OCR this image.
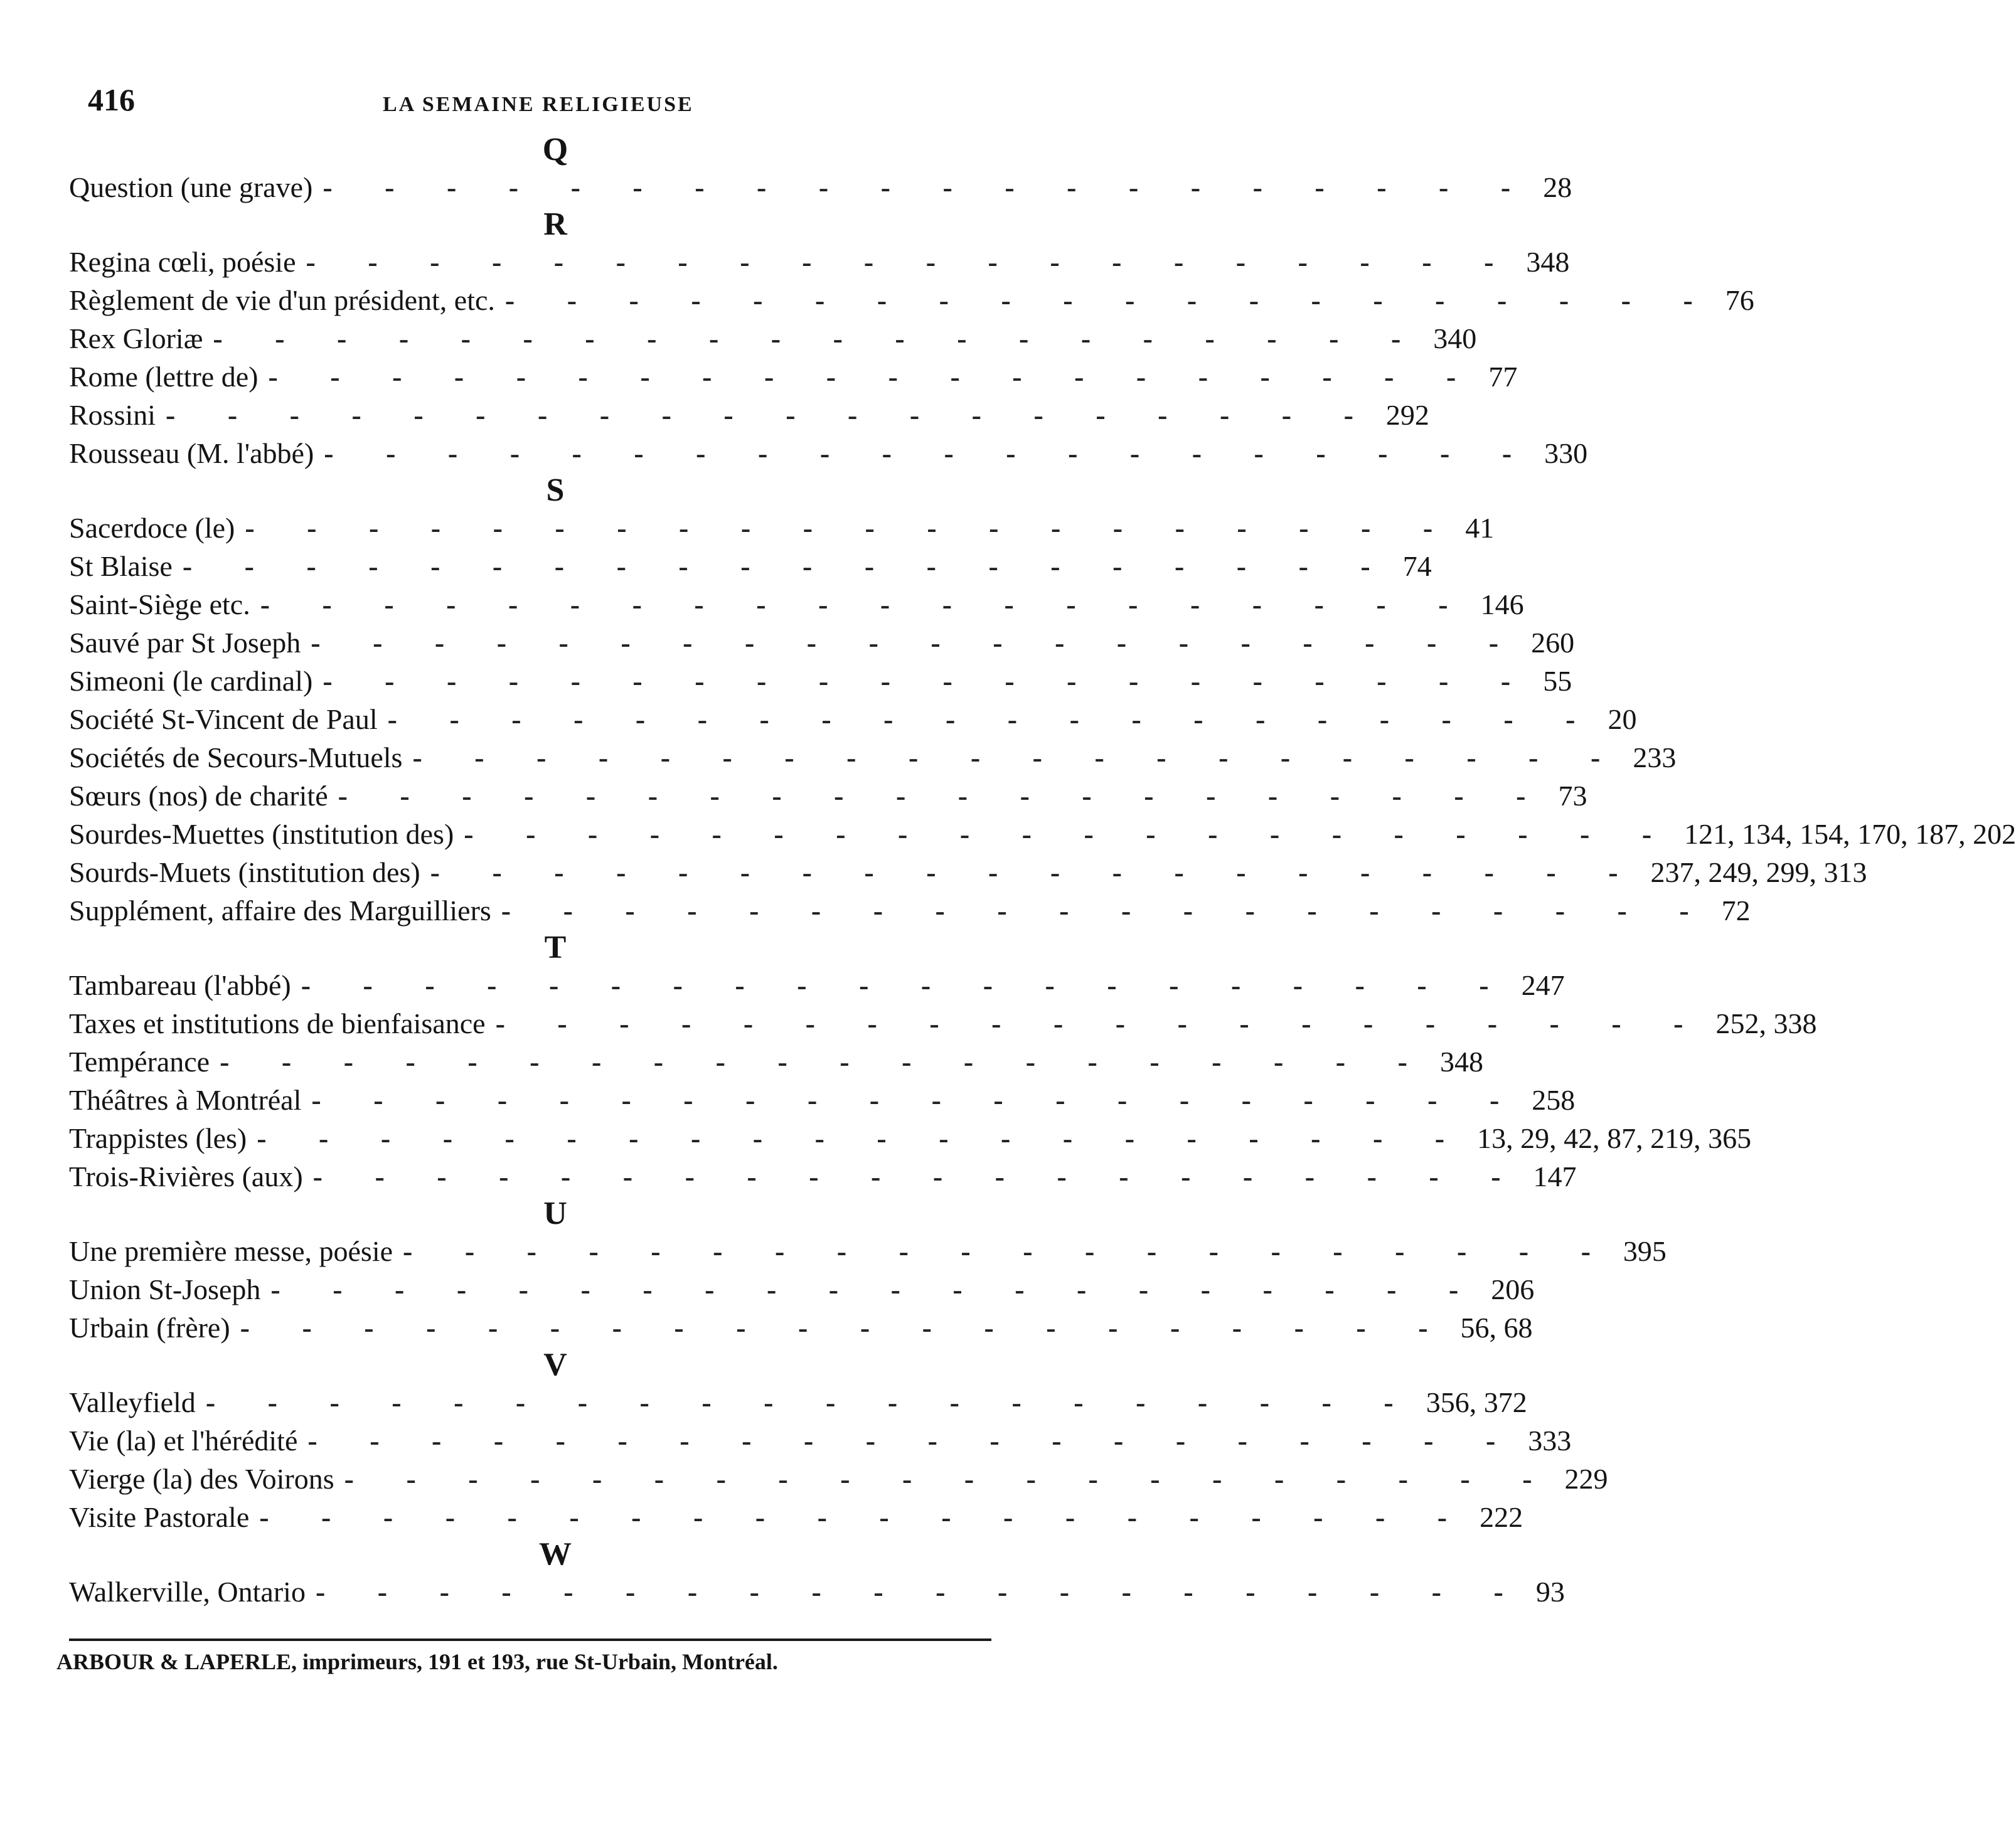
416	LA SEMAINE RELIGIEUSE
Q
Question (une grave) - - - - - - - - - - - - - - - - - - - - 28
R
Regina cœli, poésie - - - - - - - - - - - - - - - - - - - - 348
Règlement de vie d'un président, etc. - - - - - - - - - - - - - - - - - - - - 76
Rex Gloriæ - - - - - - - - - - - - - - - - - - - - 340
Rome (lettre de) - - - - - - - - - - - - - - - - - - - - 77
Rossini - - - - - - - - - - - - - - - - - - - - 292
Rousseau (M. l'abbé) - - - - - - - - - - - - - - - - - - - - 330
S
Sacerdoce (le) - - - - - - - - - - - - - - - - - - - - 41
St Blaise - - - - - - - - - - - - - - - - - - - - 74
Saint-Siège etc. - - - - - - - - - - - - - - - - - - - - 146
Sauvé par St Joseph - - - - - - - - - - - - - - - - - - - - 260
Simeoni (le cardinal) - - - - - - - - - - - - - - - - - - - - 55
Société St-Vincent de Paul - - - - - - - - - - - - - - - - - - - - 20
Sociétés de Secours-Mutuels - - - - - - - - - - - - - - - - - - - - 233
Sœurs (nos) de charité - - - - - - - - - - - - - - - - - - - - 73
Sourdes-Muettes (institution des) - - - - - - - - - - - - - - - - - - - - 121, 134, 154, 170, 187, 202
Sourds-Muets (institution des) - - - - - - - - - - - - - - - - - - - - 237, 249, 299, 313
Supplément, affaire des Marguilliers - - - - - - - - - - - - - - - - - - - - 72
T
Tambareau (l'abbé) - - - - - - - - - - - - - - - - - - - - 247
Taxes et institutions de bienfaisance - - - - - - - - - - - - - - - - - - - - 252, 338
Tempérance - - - - - - - - - - - - - - - - - - - - 348
Théâtres à Montréal - - - - - - - - - - - - - - - - - - - - 258
Trappistes (les) - - - - - - - - - - - - - - - - - - - - 13, 29, 42, 87, 219, 365
Trois-Rivières (aux) - - - - - - - - - - - - - - - - - - - - 147
U
Une première messe, poésie - - - - - - - - - - - - - - - - - - - - 395
Union St-Joseph - - - - - - - - - - - - - - - - - - - - 206
Urbain (frère) - - - - - - - - - - - - - - - - - - - - 56, 68
V
Valleyfield - - - - - - - - - - - - - - - - - - - - 356, 372
Vie (la) et l'hérédité - - - - - - - - - - - - - - - - - - - - 333
Vierge (la) des Voirons - - - - - - - - - - - - - - - - - - - - 229
Visite Pastorale - - - - - - - - - - - - - - - - - - - - 222
W
Walkerville, Ontario - - - - - - - - - - - - - - - - - - - - 93
ARBOUR & LAPERLE, imprimeurs, 191 et 193, rue St-Urbain, Montréal.
